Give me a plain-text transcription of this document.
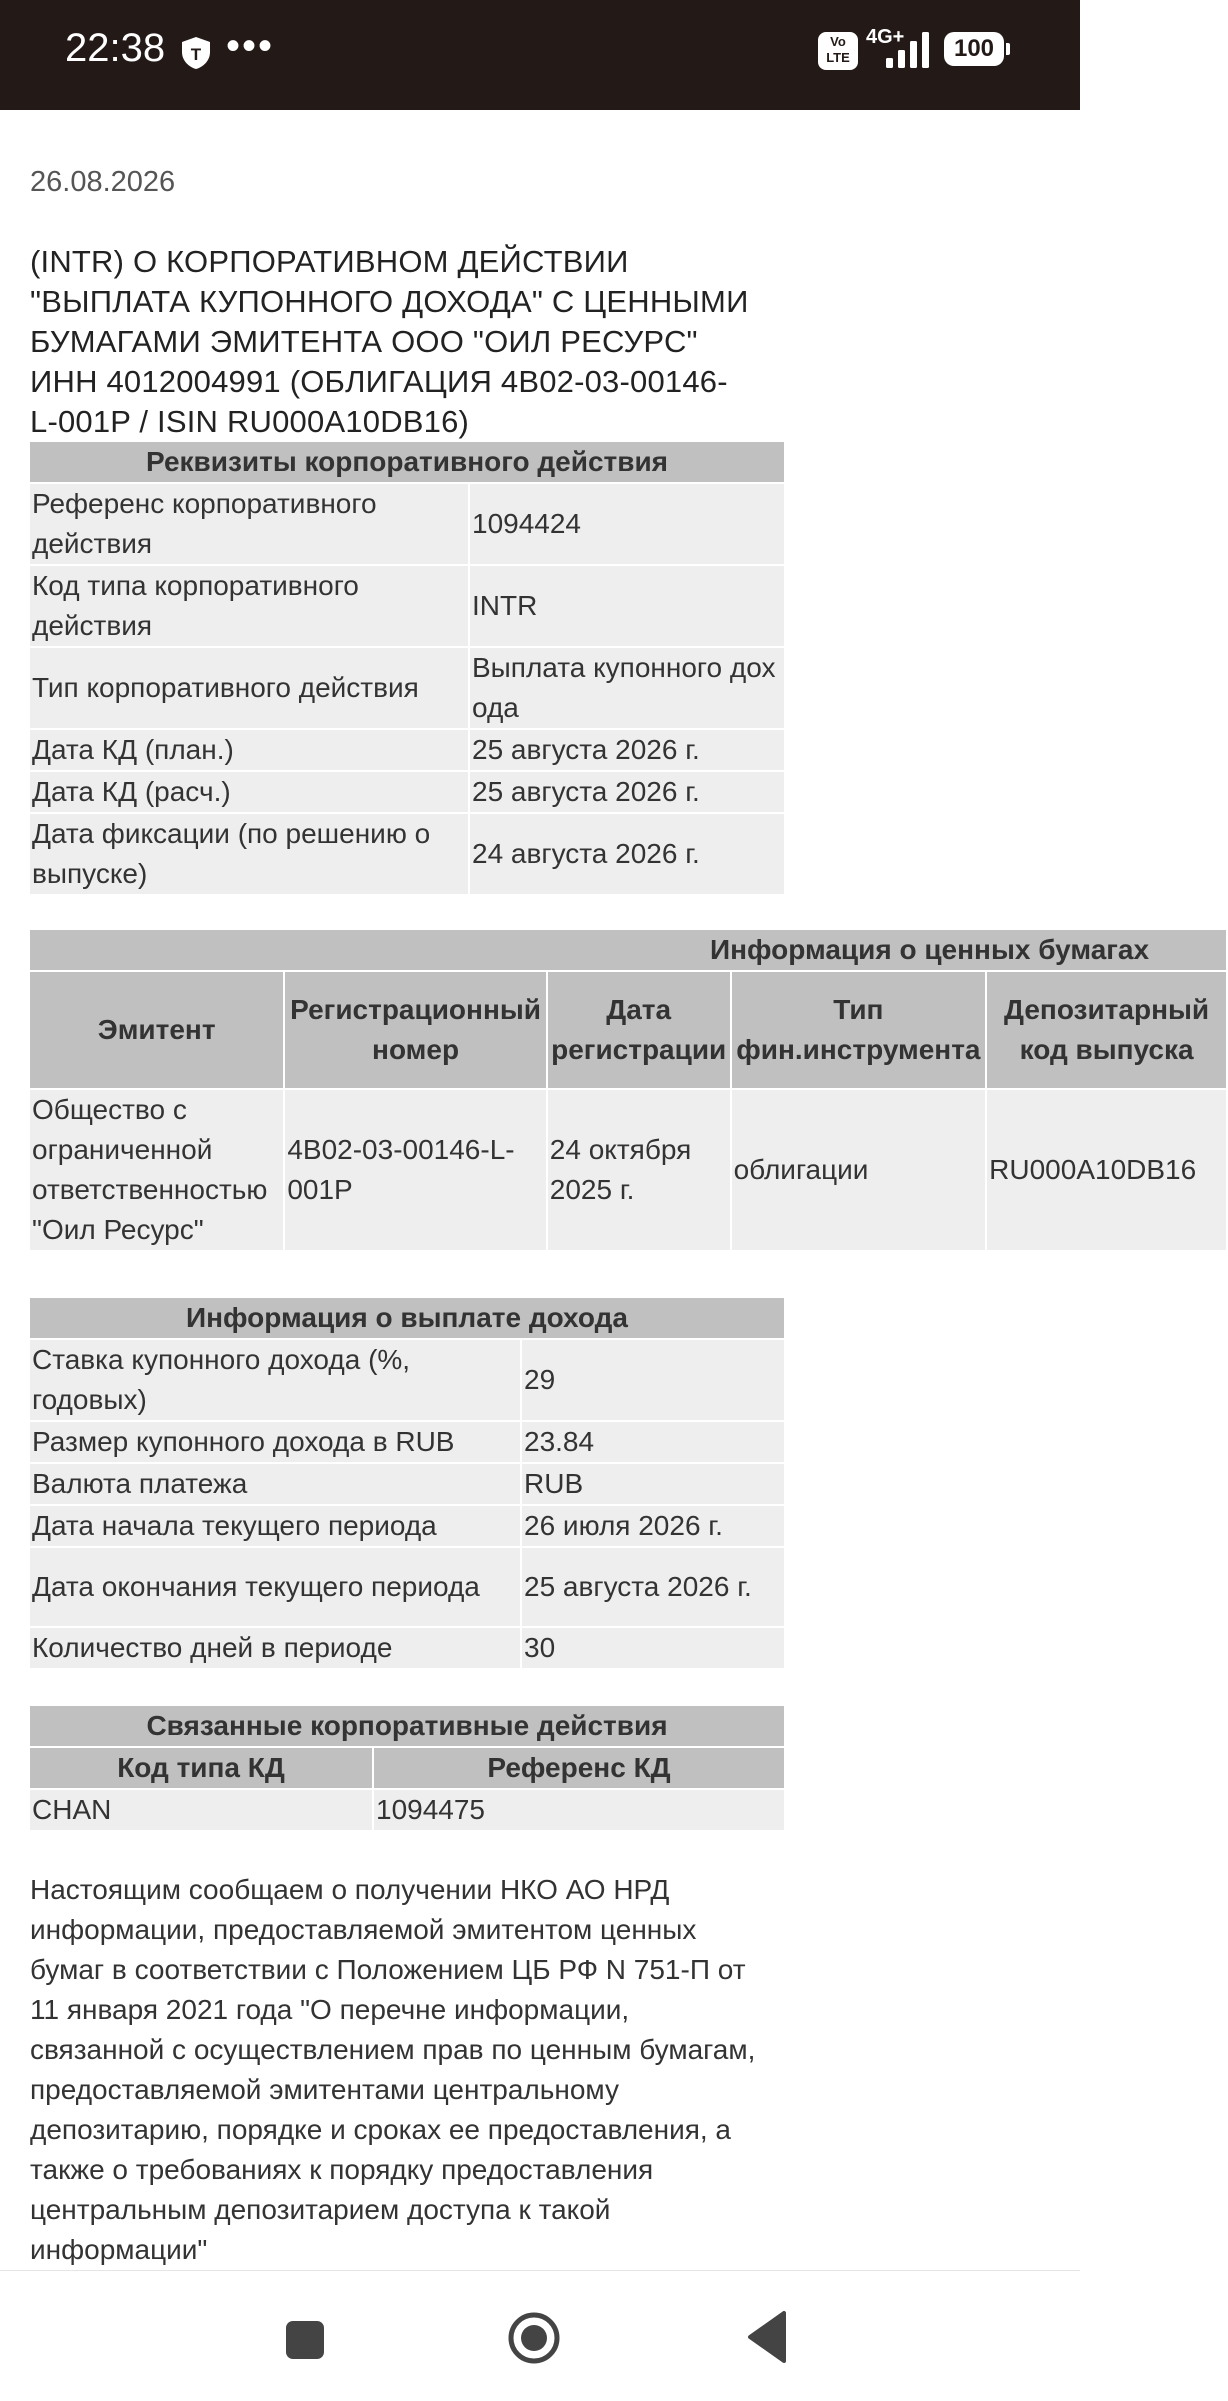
22:38 T •••	Vo LTE
4G+	100
26.08.2026
(INTR) О КОРПОРАТИВНОМ ДЕЙСТВИИ "ВЫПЛАТА КУПОННОГО ДОХОДА" С ЦЕННЫМИ БУМАГАМИ ЭМИТЕНТА ООО "ОИЛ РЕСУРС" ИНН 4012004991 (ОБЛИГАЦИЯ 4B02-03-00146-L-001P / ISIN RU000A10DB16)
Реквизиты корпоративного действия	
Референс корпоративного действия	1094424
Код типа корпоративного действия	INTR
Тип корпоративного действия	Выплата купонного дохода
Дата КД (план.)	25 августа 2026 г.
Дата КД (расч.)	25 августа 2026 г.
Дата фиксации (по решению о выпуске)	24 августа 2026 г.
Информация о ценных бумагах				
Эмитент	Регистрационный номер	Дата регистрации	Тип фин.инструмента	Депозитарный код выпуска
Общество с ограниченной ответственностью "Оил Ресурс"	4B02-03-00146-L-001P	24 октября 2025 г.	облигации	RU000A10DB16
Информация о выплате дохода	
Ставка купонного дохода (%, годовых)	29
Размер купонного дохода в RUB	23.84
Валюта платежа	RUB
Дата начала текущего периода	26 июля 2026 г.
Дата окончания текущего периода	25 августа 2026 г.
Количество дней в периоде	30
Связанные корпоративные действия	
Код типа КД	Референс КД
CHAN	1094475
Настоящим сообщаем о получении НКО АО НРД информации, предоставляемой эмитентом ценных бумаг в соответствии с Положением ЦБ РФ N 751-П от 11 января 2021 года "О перечне информации, связанной с осуществлением прав по ценным бумагам, предоставляемой эмитентами центральному депозитарию, порядке и сроках ее предоставления, а также о требованиях к порядку предоставления центральным депозитарием доступа к такой информации"
